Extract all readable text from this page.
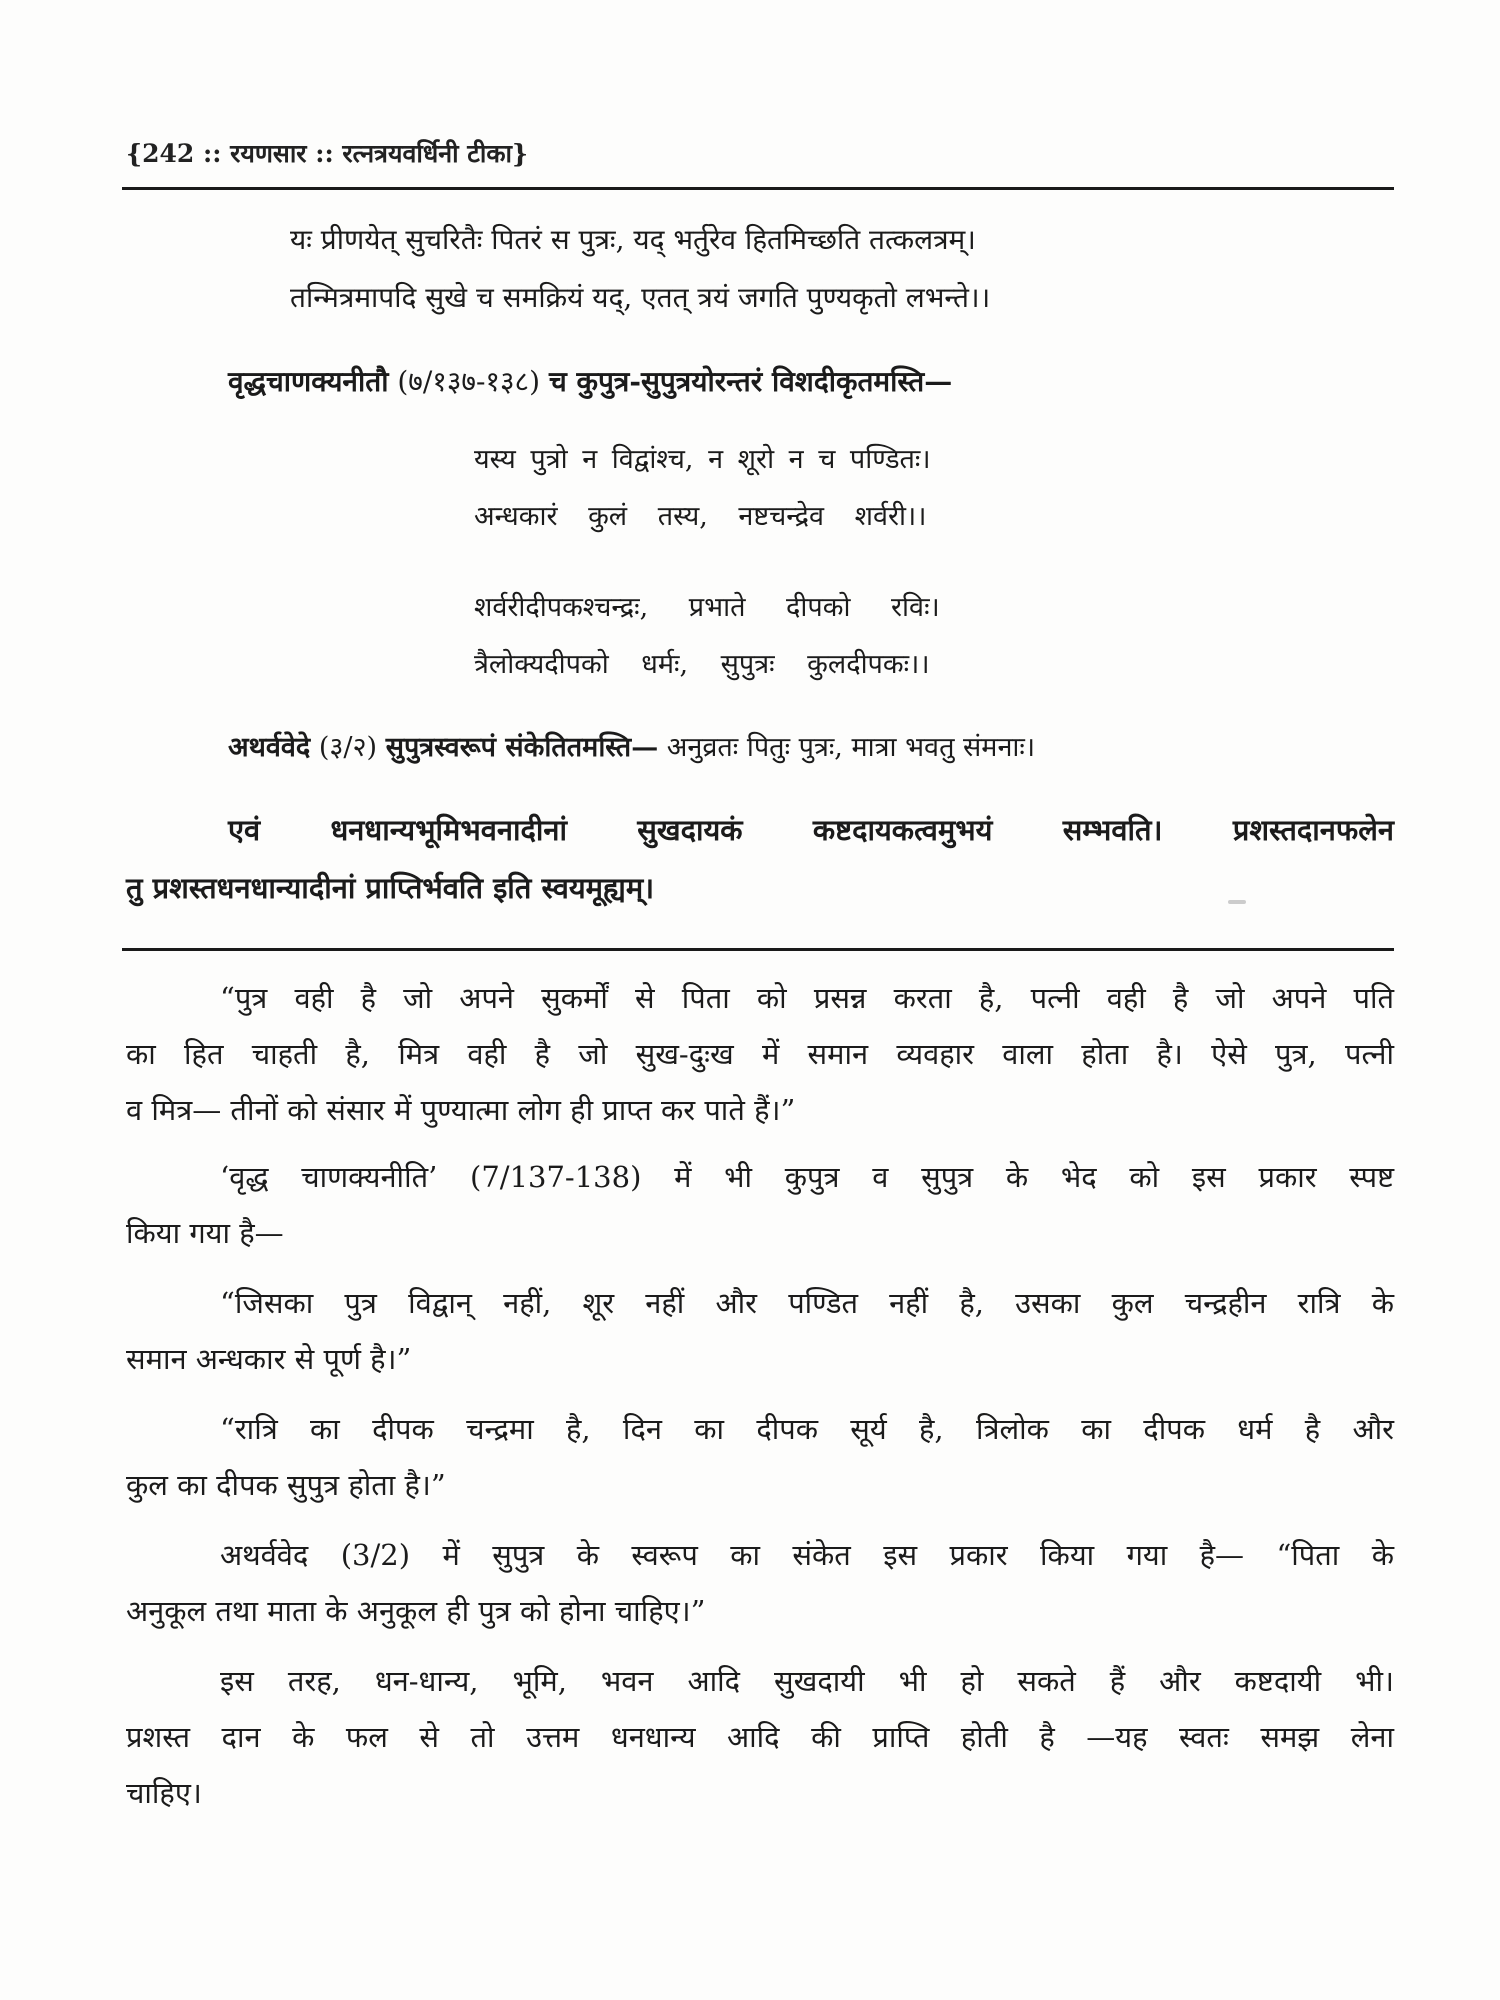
{242 :: रयणसार :: रत्नत्रयवर्धिनी टीका}
यः प्रीणयेत् सुचरितैः पितरं स पुत्रः, यद् भर्तुरेव हितमिच्छति तत्कलत्रम्।
तन्मित्रमापदि सुखे च समक्रियं यद्, एतत् त्रयं जगति पुण्यकृतो लभन्ते।।
वृद्धचाणक्यनीतौ (७/१३७-१३८) च कुपुत्र-सुपुत्रयोरन्तरं विशदीकृतमस्ति—
यस्य पुत्रो न विद्वांश्च, न शूरो न च पण्डितः।
अन्धकारं कुलं तस्य, नष्टचन्द्रेव शर्वरी।।
शर्वरीदीपकश्चन्द्रः, प्रभाते दीपको रविः।
त्रैलोक्यदीपको धर्मः, सुपुत्रः कुलदीपकः।।
अथर्ववेदे (३/२) सुपुत्रस्वरूपं संकेतितमस्ति— अनुव्रतः पितुः पुत्रः, मात्रा भवतु संमनाः।
एवं धनधान्यभूमिभवनादीनां सुखदायकं कष्टदायकत्वमुभयं सम्भवति। प्रशस्तदानफलेन
तु प्रशस्तधनधान्यादीनां प्राप्तिर्भवति इति स्वयमूह्यम्।
“पुत्र वही है जो अपने सुकर्मों से पिता को प्रसन्न करता है, पत्नी वही है जो अपने पति
का हित चाहती है, मित्र वही है जो सुख-दुःख में समान व्यवहार वाला होता है। ऐसे पुत्र, पत्नी
व मित्र— तीनों को संसार में पुण्यात्मा लोग ही प्राप्त कर पाते हैं।”
‘वृद्ध चाणक्यनीति’ (7/137-138) में भी कुपुत्र व सुपुत्र के भेद को इस प्रकार स्पष्ट
किया गया है—
“जिसका पुत्र विद्वान् नहीं, शूर नहीं और पण्डित नहीं है, उसका कुल चन्द्रहीन रात्रि के
समान अन्धकार से पूर्ण है।”
“रात्रि का दीपक चन्द्रमा है, दिन का दीपक सूर्य है, त्रिलोक का दीपक धर्म है और
कुल का दीपक सुपुत्र होता है।”
अथर्ववेद (3/2) में सुपुत्र के स्वरूप का संकेत इस प्रकार किया गया है— “पिता के
अनुकूल तथा माता के अनुकूल ही पुत्र को होना चाहिए।”
इस तरह, धन-धान्य, भूमि, भवन आदि सुखदायी भी हो सकते हैं और कष्टदायी भी।
प्रशस्त दान के फल से तो उत्तम धनधान्य आदि की प्राप्ति होती है —यह स्वतः समझ लेना
चाहिए।
